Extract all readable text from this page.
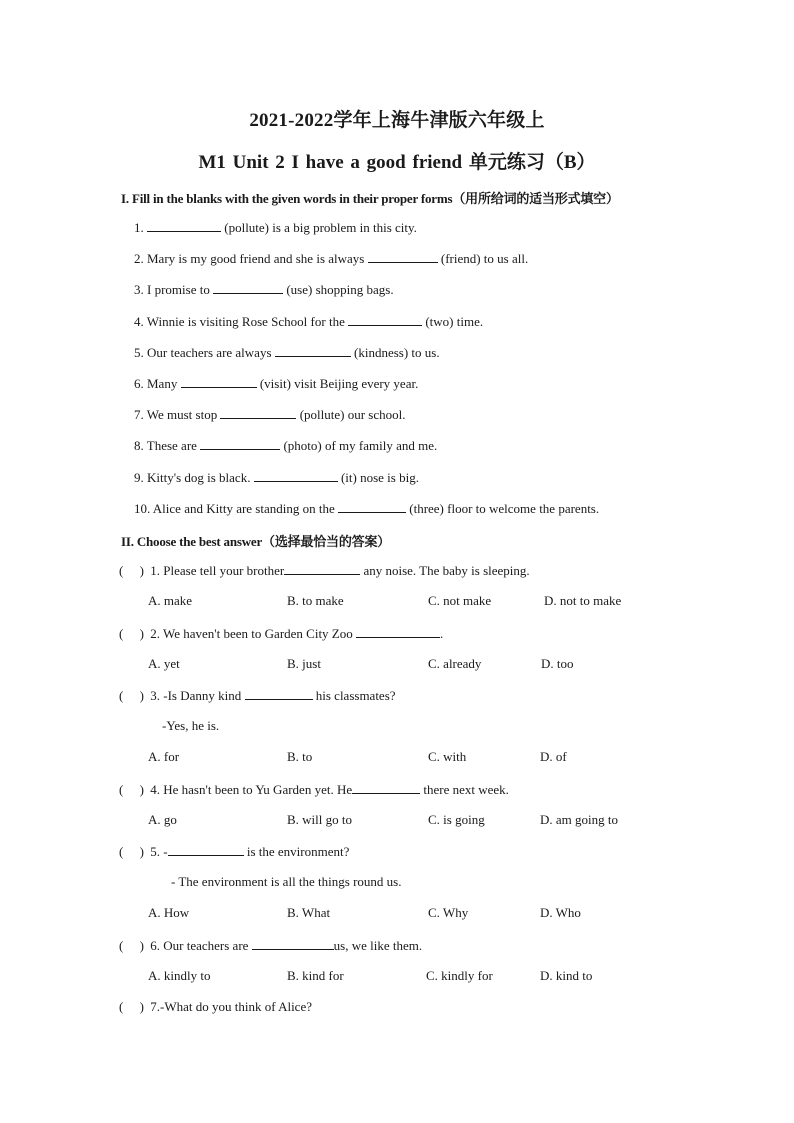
2021-2022学年上海牛津版六年级上
M1 Unit 2 I have a good friend 单元练习（B）
I. Fill in the blanks with the given words in their proper forms（用所给词的适当形式填空）
1.	(pollute) is a big problem in this city.
2. Mary is my good friend and she is always	(friend) to us all.
3. I promise to	(use) shopping bags.
4. Winnie is visiting Rose School for the	(two) time.
5. Our teachers are always	(kindness) to us.
6. Many	(visit) visit Beijing every year.
7. We must stop	(pollute) our school.
8. These are	(photo) of my family and me.
9. Kitty's dog is black.	(it) nose is big.
10. Alice and Kitty are standing on the	(three) floor to welcome the parents.
II. Choose the best answer（选择最恰当的答案）
( ) 1. Please tell your brother	any noise. The baby is sleeping.
A. make	B. to make	C. not make	D. not to make
( ) 2. We haven't been to Garden City Zoo	.
A. yet	B. just	C. already	D. too
( ) 3. -Is Danny kind	his classmates?
-Yes, he is.
A. for	B. to	C. with	D. of
( ) 4. He hasn't been to Yu Garden yet. He	there next week.
A. go	B. will go to	C. is going	D. am going to
( ) 5. -	is the environment?
- The environment is all the things round us.
A. How	B. What	C. Why	D. Who
( ) 6. Our teachers are	us, we like them.
A. kindly to	B. kind for	C. kindly for	D. kind to
( ) 7.-What do you think of Alice?
